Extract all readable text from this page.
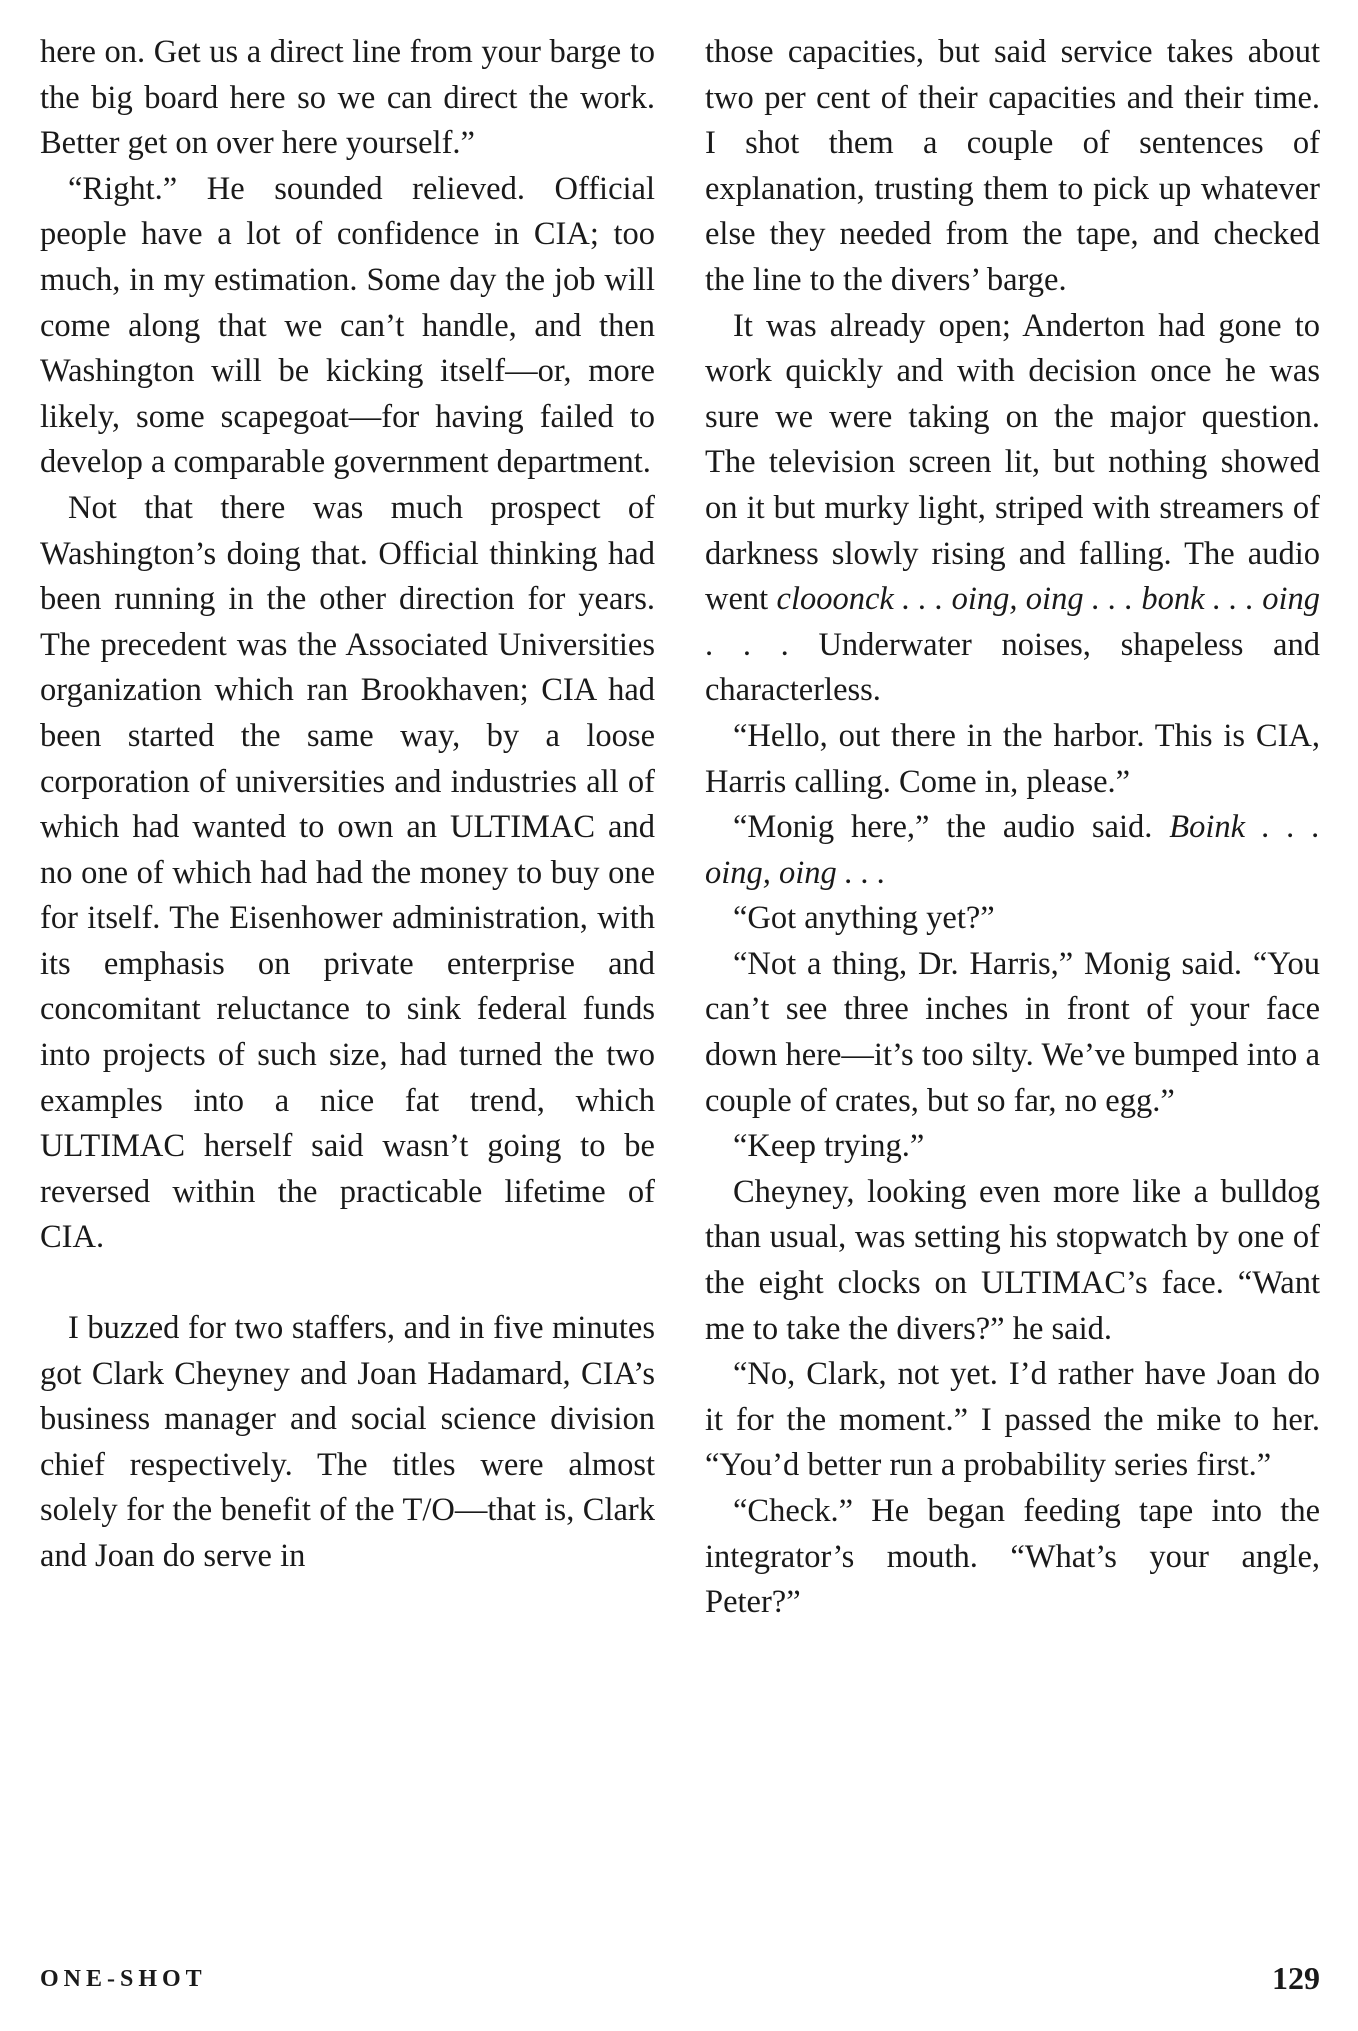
here on. Get us a direct line from your barge to the big board here so we can direct the work. Better get on over here yourself.”

“Right.” He sounded relieved. Official people have a lot of confidence in CIA; too much, in my estimation. Some day the job will come along that we can’t handle, and then Washington will be kicking itself—or, more likely, some scapegoat—for having failed to develop a comparable government department.

Not that there was much prospect of Washington’s doing that. Official thinking had been running in the other direction for years. The precedent was the Associated Universities organization which ran Brookhaven; CIA had been started the same way, by a loose corporation of universities and industries all of which had wanted to own an ULTIMAC and no one of which had had the money to buy one for itself. The Eisenhower administration, with its emphasis on private enterprise and concomitant reluctance to sink federal funds into projects of such size, had turned the two examples into a nice fat trend, which ULTIMAC herself said wasn’t going to be reversed within the practicable lifetime of CIA.

I buzzed for two staffers, and in five minutes got Clark Cheyney and Joan Hadamard, CIA’s business manager and social science division chief respectively. The titles were almost solely for the benefit of the T/O—that is, Clark and Joan do serve in

those capacities, but said service takes about two per cent of their capacities and their time. I shot them a couple of sentences of explanation, trusting them to pick up whatever else they needed from the tape, and checked the line to the divers’ barge.

It was already open; Anderton had gone to work quickly and with decision once he was sure we were taking on the major question. The television screen lit, but nothing showed on it but murky light, striped with streamers of darkness slowly rising and falling. The audio went clooonck . . . oing, oing . . . bonk . . . oing . . . Underwater noises, shapeless and characterless.

“Hello, out there in the harbor. This is CIA, Harris calling. Come in, please.”

“Monig here,” the audio said. Boink . . . oing, oing . . .

“Got anything yet?”

“Not a thing, Dr. Harris,” Monig said. “You can’t see three inches in front of your face down here—it’s too silty. We’ve bumped into a couple of crates, but so far, no egg.”

“Keep trying.”

Cheyney, looking even more like a bulldog than usual, was setting his stopwatch by one of the eight clocks on ULTIMAC’s face. “Want me to take the divers?” he said.

“No, Clark, not yet. I’d rather have Joan do it for the moment.” I passed the mike to her. “You’d better run a probability series first.”

“Check.” He began feeding tape into the integrator’s mouth. “What’s your angle, Peter?”

ONE-SHOT	129
